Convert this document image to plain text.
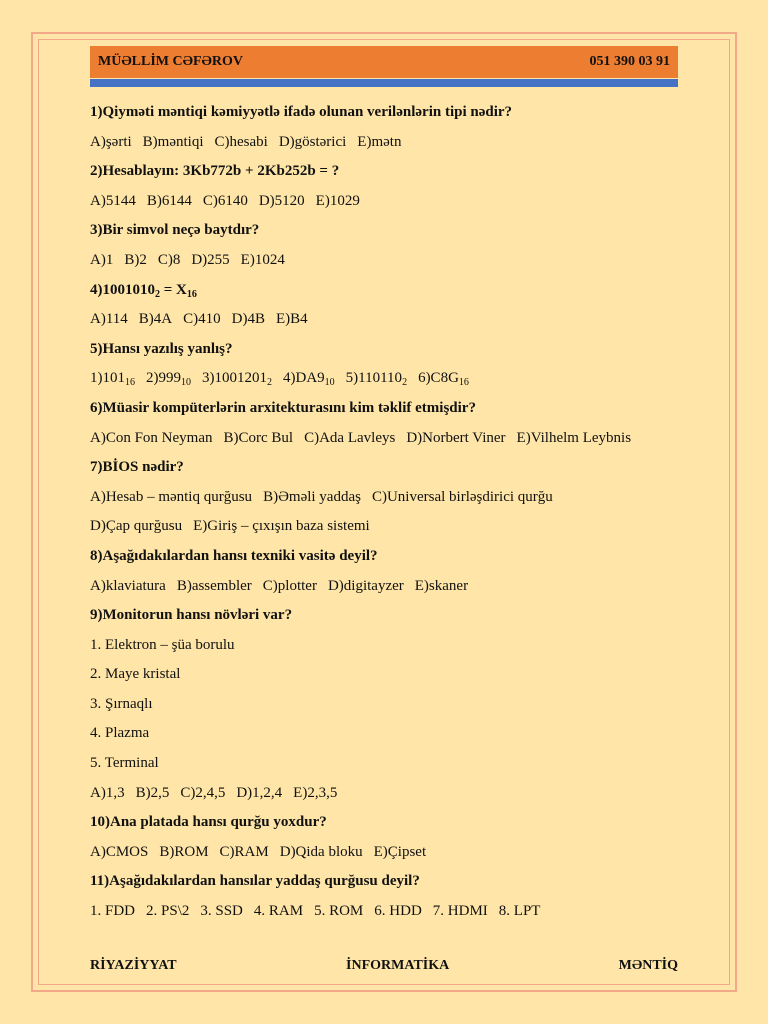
MÜƏLLİM CƏFƏROV	051 390 03 91
1)Qiyməti məntiqi kəmiyyətlə ifadə olunan verilənlərin tipi nədir?
A)şərti B)məntiqi C)hesabi D)göstərici E)mətn
2)Hesablayın: 3Kb772b + 2Kb252b = ?
A)5144 B)6144 C)6140 D)5120 E)1029
3)Bir simvol neçə baytdır?
A)1 B)2 C)8 D)255 E)1024
$4)1001010_2 = X_{16}$
A)114 B)4A C)410 D)4B E)B4
5)Hansı yazılış yanlış?
$1)101_{16}$ $2)999_{10}$ $3)1001201_2$ $4)DA9_{10}$ $5)110110_2$ $6)C8G_{16}$
6)Müasir kompüterlərin arxitekturasını kim təklif etmişdir?
A)Con Fon Neyman B)Corc Bul C)Ada Lavleys D)Norbert Viner E)Vilhelm Leybnis
7)BİOS nədir?
A)Hesab – məntiq qurğusu B)Əməli yaddaş C)Universal birləşdirici qurğu
D)Çap qurğusu E)Giriş – çıxışın baza sistemi
8)Aşağıdakılardan hansı texniki vasitə deyil?
A)klaviatura B)assembler C)plotter D)digitayzer E)skaner
9)Monitorun hansı növləri var?
1. Elektron – şüa borulu
2. Maye kristal
3. Şırnaqlı
4. Plazma
5. Terminal
A)1,3 B)2,5 C)2,4,5 D)1,2,4 E)2,3,5
10)Ana platada hansı qurğu yoxdur?
A)CMOS B)ROM C)RAM D)Qida bloku E)Çipset
11)Aşağıdakılardan hansılar yaddaş qurğusu deyil?
1. FDD 2. PS\2 3. SSD 4. RAM 5. ROM 6. HDD 7. HDMI 8. LPT
RİYAZİYYAT	İNFORMATİKA	MƏNTİQ
